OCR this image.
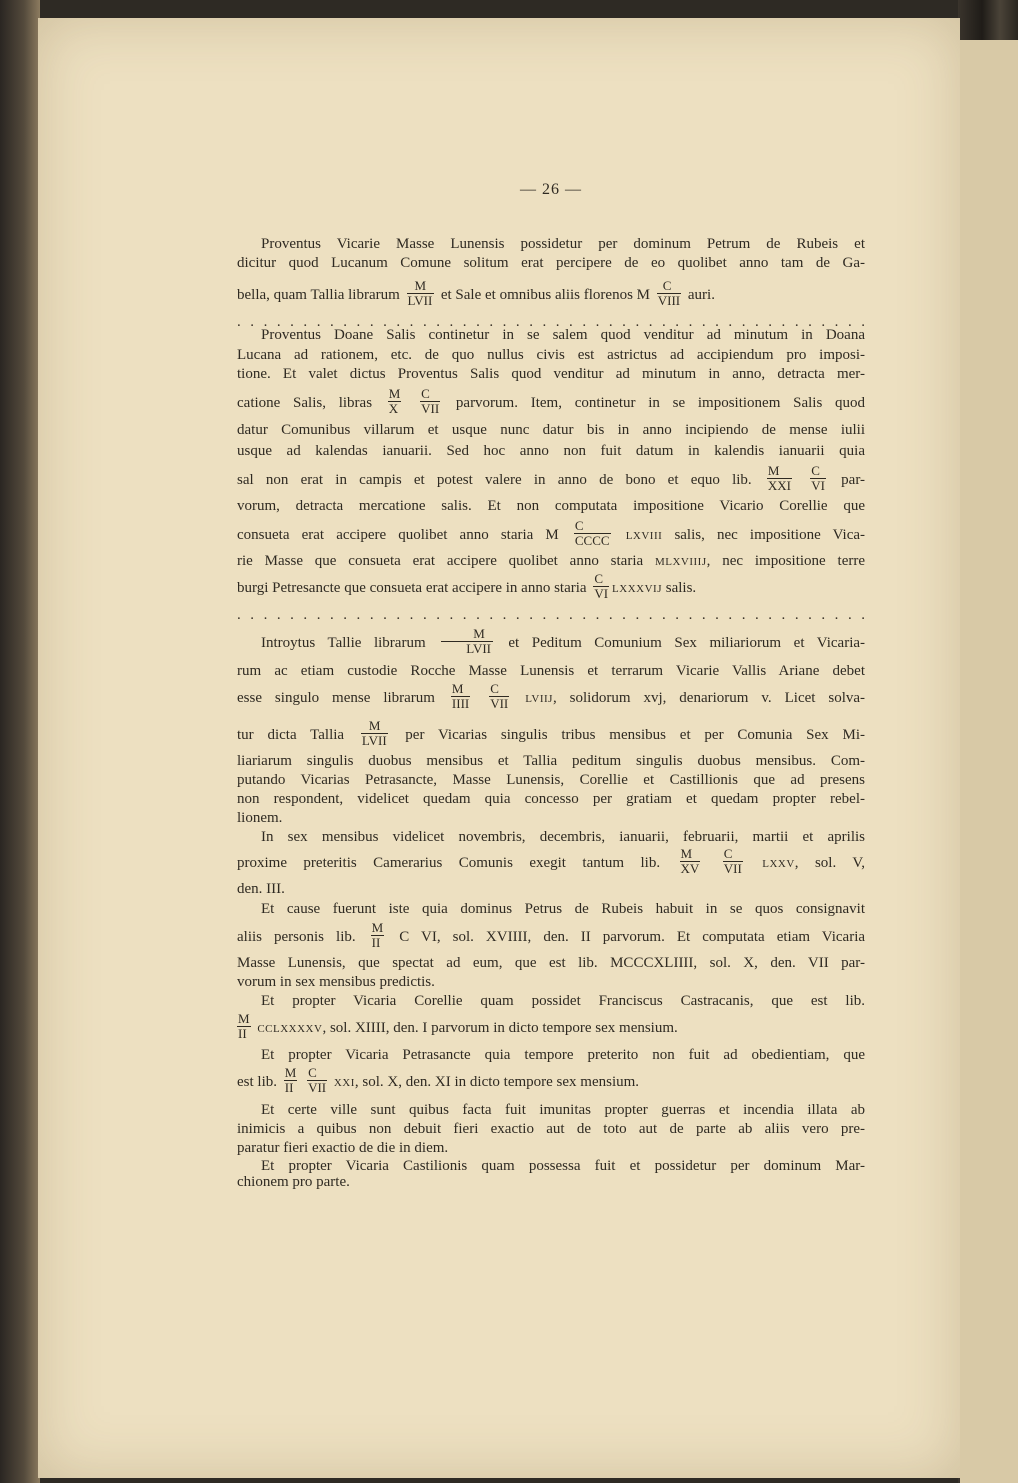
— 26 —
Proventus Vicarie Masse Lunensis possidetur per dominum Petrum de Rubeis et
dicitur quod Lucanum Comune solitum erat percipere de eo quolibet anno tam de Ga-
bella, quam Tallia librarum
M
LVII et Sale et omnibus aliis florenos M
C
VIII auri.
. . . . . . . . . . . . . . . . . . . . . . . . . . . . . . . . . . . . . . . . . . . . . . . .
Proventus Doane Salis continetur in se salem quod venditur ad minutum in Doana
Lucana ad rationem, etc. de quo nullus civis est astrictus ad accipiendum pro imposi-
tione. Et valet dictus Proventus Salis quod venditur ad minutum in anno, detracta mer-
catione Salis, libras $\frac{M}{X}$
C
VII parvorum. Item, continetur in se impositionem Salis quod
datur Comunibus villarum et usque nunc datur bis in anno incipiendo de mense iulii
usque ad kalendas ianuarii. Sed hoc anno non fuit datum in kalendis ianuarii quia
sal non erat in campis et potest valere in anno de bono et equo lib.
M
XXI
$\frac{C}{VI} par-$
vorum, detracta mercatione salis. Et non computata impositione Vicario Corellie que
consueta erat accipere quolibet anno staria M
C
CCCC lxviii salis, nec impositione Vica-
rie Masse que consueta erat accipere quolibet anno staria mlxviiij, nec impositione terre
burgi Petresancte que consueta erat accipere in anno staria $\frac{C}{VI}$ lxxxvij salis.
. . . . . . . . . . . . . . . . . . . . . . . . . . . . . . . . . . . . . . . . . . . . . . . .
Introytus Tallie librarum
M
LVII et Peditum Comunium Sex miliariorum et Vicaria-
rum ac etiam custodie Rocche Masse Lunensis et terrarum Vicarie Vallis Ariane debet
esse singulo mense librarum
M
IIII

C
VII lviij, solidorum xvj, denariorum v. Licet solva-
tur dicta Tallia
M
LVII per Vicarias singulis tribus mensibus et per Comunia Sex Mi-
liariarum singulis duobus mensibus et Tallia peditum singulis duobus mensibus. Com-
putando Vicarias Petrasancte, Masse Lunensis, Corellie et Castillionis que ad presens
non respondent, videlicet quedam quia concesso per gratiam et quedam propter rebel-
lionem.
In sex mensibus videlicet novembris, decembris, ianuarii, februarii, martii et aprilis
proxime preteritis Camerarius Comunis exegit tantum lib. $\frac{M}{XV}$
C
VII lxxv, sol. V,
den. III.
Et cause fuerunt iste quia dominus Petrus de Rubeis habuit in se quos consignavit
aliis personis lib. $\frac{M}{II}$ C VI, sol. XVIIII, den. II parvorum. Et computata etiam Vicaria
Masse Lunensis, que spectat ad eum, que est lib. MCCCXLIIII, sol. X, den. VII par-
vorum in sex mensibus predictis.
Et propter Vicaria Corellie quam possidet Franciscus Castracanis, que est lib.
$\frac{M}{II}$ cclxxxxv, sol. XIIII, den. I parvorum in dicto tempore sex mensium.
Et propter Vicaria Petrasancte quia tempore preterito non fuit ad obedientiam, que
est lib. $\frac{M}{II}$
C
VII xxi, sol. X, den. XI in dicto tempore sex mensium.
Et certe ville sunt quibus facta fuit imunitas propter guerras et incendia illata ab
inimicis a quibus non debuit fieri exactio aut de toto aut de parte ab aliis vero pre-
paratur fieri exactio de die in diem.
Et propter Vicaria Castilionis quam possessa fuit et possidetur per dominum Mar-
chionem pro parte.
